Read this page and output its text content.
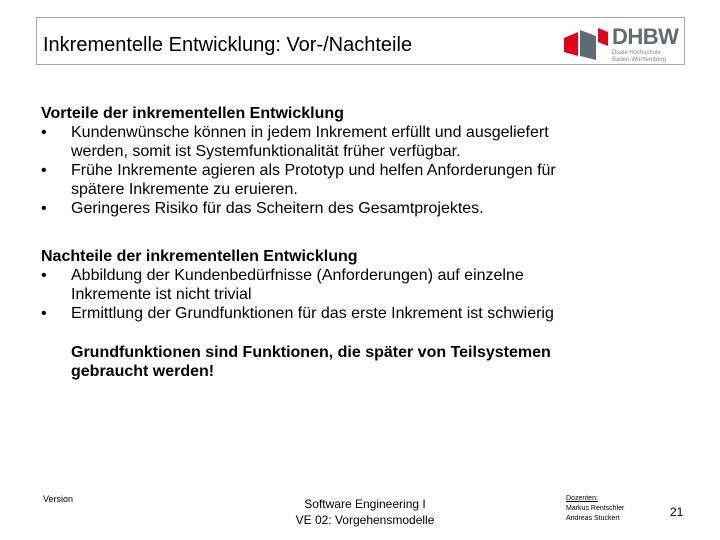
Inkrementelle Entwicklung: Vor-/Nachteile	DHBW
Duale Hochschule
Baden-Württemberg

Vorteile der inkrementellen Entwicklung

• Kundenwünsche können in jedem Inkrement erfüllt und ausgeliefert
werden, somit ist Systemfunktionalität früher verfügbar.
• Frühe Inkremente agieren als Prototyp und helfen Anforderungen für
spätere Inkremente zu eruieren.
• Geringeres Risiko für das Scheitern des Gesamtprojektes.

Nachteile der inkrementellen Entwicklung

• Abbildung der Kundenbedürfnisse (Anforderungen) auf einzelne
Inkremente ist nicht trivial
• Ermittlung der Grundfunktionen für das erste Inkrement ist schwierig
Grundfunktionen sind Funktionen, die später von Teilsystemen
gebraucht werden!
Version	Software Engineering I
VE 02: Vorgehensmodelle
Dozenten:
Markus Rentschler
Andreas Stuckert	21
